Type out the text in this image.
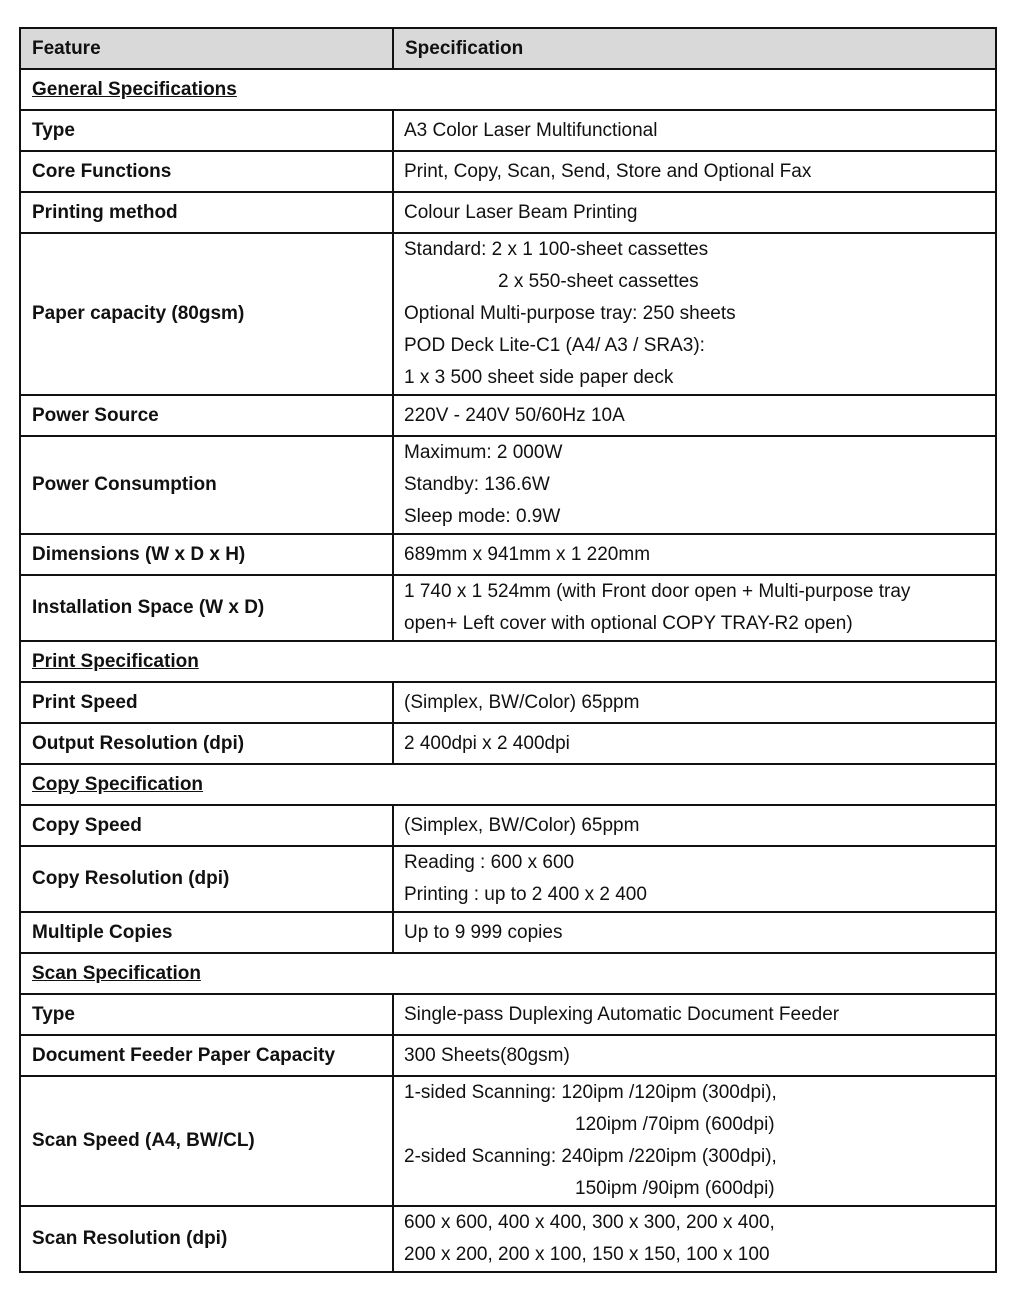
Feature	Specification
General Specifications	
Type	A3 Color Laser Multifunctional
Core Functions	Print, Copy, Scan, Send, Store and Optional Fax
Printing method	Colour Laser Beam Printing
Paper capacity (80gsm)	Standard: 2 x 1 100-sheet cassettes
2 x 550-sheet cassettes
Optional Multi-purpose tray: 250 sheets
POD Deck Lite-C1 (A4/ A3 / SRA3):
1 x 3 500 sheet side paper deck

Power Source	220V - 240V 50/60Hz 10A
Power Consumption	Maximum: 2 000W
Standby: 136.6W
Sleep mode: 0.9W

Dimensions (W x D x H)	689mm x 941mm x 1 220mm
Installation Space (W x D)	1 740 x 1 524mm (with Front door open + Multi-purpose tray
open+ Left cover with optional COPY TRAY-R2 open)

Print Specification	
Print Speed	(Simplex, BW/Color) 65ppm
Output Resolution (dpi)	2 400dpi x 2 400dpi
Copy Specification	
Copy Speed	(Simplex, BW/Color) 65ppm
Copy Resolution (dpi)	Reading : 600 x 600
Printing : up to 2 400 x 2 400

Multiple Copies	Up to 9 999 copies
Scan Specification	
Type	Single-pass Duplexing Automatic Document Feeder
Document Feeder Paper Capacity	300 Sheets(80gsm)
Scan Speed (A4, BW/CL)	1-sided Scanning: 120ipm /120ipm (300dpi),
120ipm /70ipm (600dpi)
2-sided Scanning: 240ipm /220ipm (300dpi),
150ipm /90ipm (600dpi)

Scan Resolution (dpi)	600 x 600, 400 x 400, 300 x 300, 200 x 400,
200 x 200, 200 x 100, 150 x 150, 100 x 100
